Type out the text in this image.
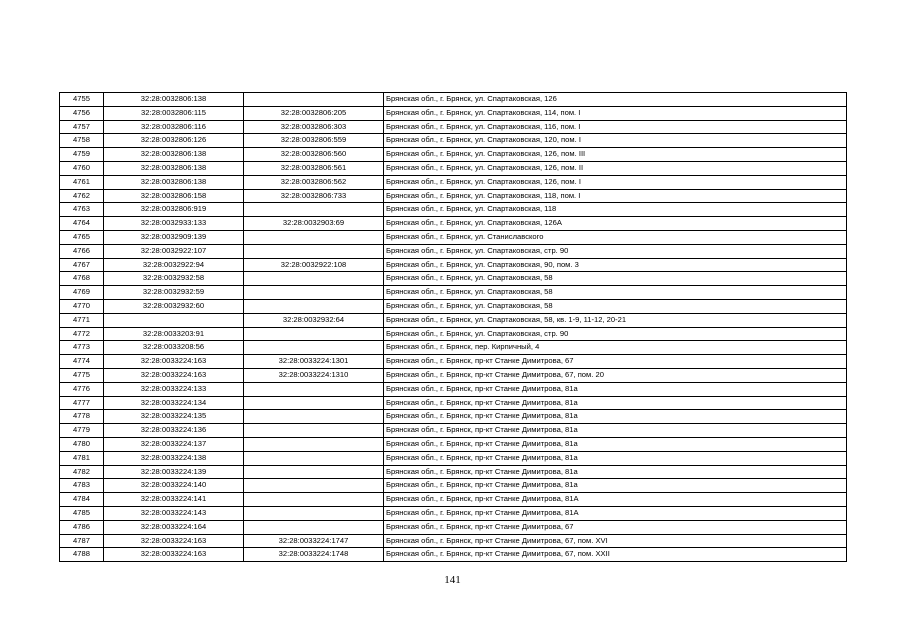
4755	32:28:0032806:138		Брянская обл., г. Брянск, ул. Спартаковская, 126
4756	32:28:0032806:115	32:28:0032806:205	Брянская обл., г. Брянск, ул. Спартаковская, 114, пом. I
4757	32:28:0032806:116	32:28:0032806:303	Брянская обл., г. Брянск, ул. Спартаковская, 116, пом. I
4758	32:28:0032806:126	32:28:0032806:559	Брянская обл., г. Брянск, ул. Спартаковская, 120, пом. I
4759	32:28:0032806:138	32:28:0032806:560	Брянская обл., г. Брянск, ул. Спартаковская, 126, пом. III
4760	32:28:0032806:138	32:28:0032806:561	Брянская обл., г. Брянск, ул. Спартаковская, 126, пом. II
4761	32:28:0032806:138	32:28:0032806:562	Брянская обл., г. Брянск, ул. Спартаковская, 126, пом. I
4762	32:28:0032806:158	32:28:0032806:733	Брянская обл., г. Брянск, ул. Спартаковская, 118, пом. I
4763	32:28:0032806:919		Брянская обл., г. Брянск, ул. Спартаковская, 118
4764	32:28:0032933:133	32:28:0032903:69	Брянская обл., г. Брянск, ул. Спартаковская, 126А
4765	32:28:0032909:139		Брянская обл., г. Брянск, ул. Станиславского
4766	32:28:0032922:107		Брянская обл., г. Брянск, ул. Спартаковская, стр. 90
4767	32:28:0032922:94	32:28:0032922:108	Брянская обл., г. Брянск, ул. Спартаковская, 90, пом. 3
4768	32:28:0032932:58		Брянская обл., г. Брянск, ул. Спартаковская, 58
4769	32:28:0032932:59		Брянская обл., г. Брянск, ул. Спартаковская, 58
4770	32:28:0032932:60		Брянская обл., г. Брянск, ул. Спартаковская, 58
4771		32:28:0032932:64	Брянская обл., г. Брянск, ул. Спартаковская, 58, кв. 1-9, 11-12, 20-21
4772	32:28:0033203:91		Брянская обл., г. Брянск, ул. Спартаковская, стр. 90
4773	32:28:0033208:56		Брянская обл., г. Брянск, пер. Кирпичный, 4
4774	32:28:0033224:163	32:28:0033224:1301	Брянская обл., г. Брянск, пр-кт Станке Димитрова, 67
4775	32:28:0033224:163	32:28:0033224:1310	Брянская обл., г. Брянск, пр-кт Станке Димитрова, 67, пом. 20
4776	32:28:0033224:133		Брянская обл., г. Брянск, пр-кт Станке Димитрова, 81а
4777	32:28:0033224:134		Брянская обл., г. Брянск, пр-кт Станке Димитрова, 81а
4778	32:28:0033224:135		Брянская обл., г. Брянск, пр-кт Станке Димитрова, 81а
4779	32:28:0033224:136		Брянская обл., г. Брянск, пр-кт Станке Димитрова, 81а
4780	32:28:0033224:137		Брянская обл., г. Брянск, пр-кт Станке Димитрова, 81а
4781	32:28:0033224:138		Брянская обл., г. Брянск, пр-кт Станке Димитрова, 81а
4782	32:28:0033224:139		Брянская обл., г. Брянск, пр-кт Станке Димитрова, 81а
4783	32:28:0033224:140		Брянская обл., г. Брянск, пр-кт Станке Димитрова, 81а
4784	32:28:0033224:141		Брянская обл., г. Брянск, пр-кт Станке Димитрова, 81А
4785	32:28:0033224:143		Брянская обл., г. Брянск, пр-кт Станке Димитрова, 81А
4786	32:28:0033224:164		Брянская обл., г. Брянск, пр-кт Станке Димитрова, 67
4787	32:28:0033224:163	32:28:0033224:1747	Брянская обл., г. Брянск, пр-кт Станке Димитрова, 67, пом. XVI
4788	32:28:0033224:163	32:28:0033224:1748	Брянская обл., г. Брянск, пр-кт Станке Димитрова, 67, пом. XXII
141
